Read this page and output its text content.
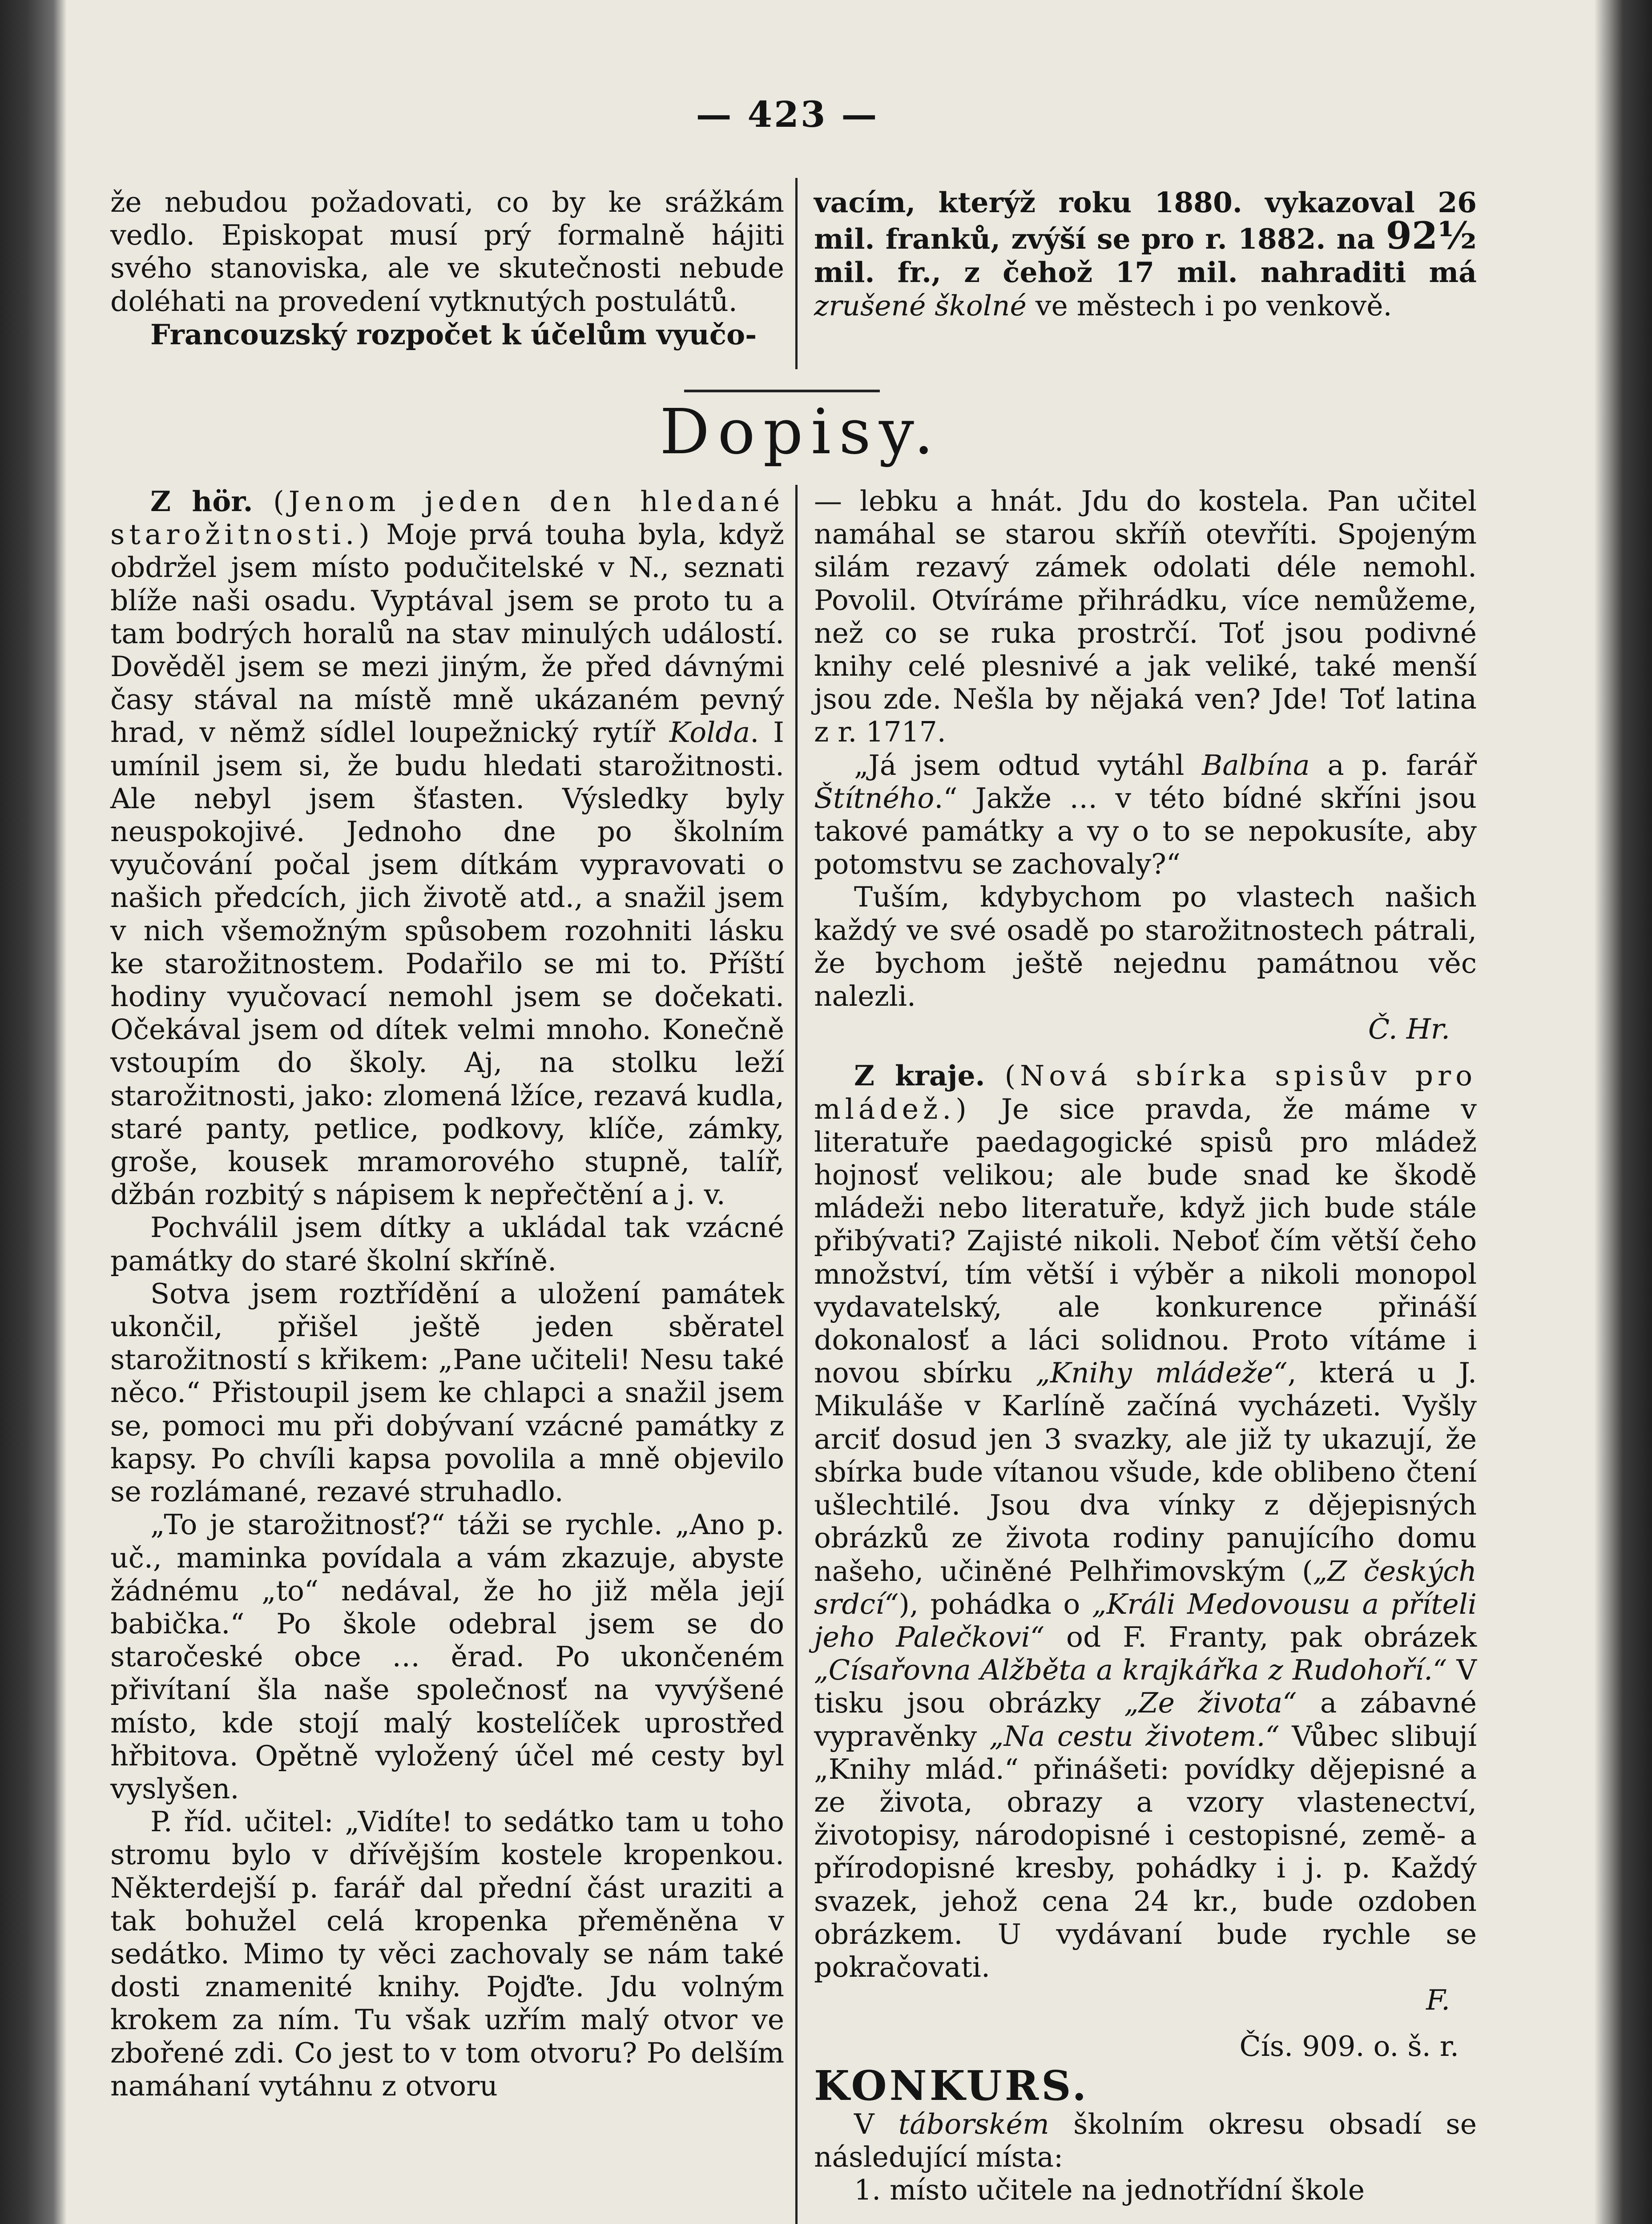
— 423 —

že nebudou požadovati, co by ke srážkám vedlo. Episkopat musí prý formalně hájiti svého stanoviska, ale ve skutečnosti nebude doléhati na provedení vytknutých postulátů.

Francouzský rozpočet k účelům vyučo-

vacím, kterýž roku 1880. vykazoval 26 mil. franků, zvýší se pro r. 1882. na 92½ mil. fr., z čehož 17 mil. nahraditi má zrušené školné ve městech i po venkově.

Dopisy.

Z hör. (Jenom jeden den hledané starožitnosti.) Moje prvá touha byla, když obdržel jsem místo podučitelské v N., seznati blíže naši osadu. Vyptával jsem se proto tu a tam bodrých horalů na stav minulých událostí. Dověděl jsem se mezi jiným, že před dávnými časy stával na místě mně ukázaném pevný hrad, v němž sídlel loupežnický rytíř Kolda. I umínil jsem si, že budu hledati starožitnosti. Ale nebyl jsem šťasten. Výsledky byly neuspokojivé. Jednoho dne po školním vyučování počal jsem dítkám vypravovati o našich předcích, jich životě atd., a snažil jsem v nich všemožným spůsobem rozohniti lásku ke starožitnostem. Podařilo se mi to. Příští hodiny vyučovací nemohl jsem se dočekati. Očekával jsem od dítek velmi mnoho. Konečně vstoupím do školy. Aj, na stolku leží starožitnosti, jako: zlomená lžíce, rezavá kudla, staré panty, petlice, podkovy, klíče, zámky, groše, kousek mramorového stupně, talíř, džbán rozbitý s nápisem k nepřečtění a j. v.

Pochválil jsem dítky a ukládal tak vzácné památky do staré školní skříně.

Sotva jsem roztřídění a uložení památek ukončil, přišel ještě jeden sběratel starožitností s křikem: „Pane učiteli! Nesu také něco.“ Přistoupil jsem ke chlapci a snažil jsem se, pomoci mu při dobývaní vzácné památky z kapsy. Po chvíli kapsa povolila a mně objevilo se rozlámané, rezavé struhadlo.

„To je starožitnosť?“ táži se rychle. „Ano p. uč., maminka povídala a vám zkazuje, abyste žádnému „to“ nedával, že ho již měla její babička.“ Po škole odebral jsem se do staročeské obce … ěrad. Po ukončeném přivítaní šla naše společnosť na vyvýšené místo, kde stojí malý kostelíček uprostřed hřbitova. Opětně vyložený účel mé cesty byl vyslyšen.

P. říd. učitel: „Vidíte! to sedátko tam u toho stromu bylo v dřívějším kostele kropenkou. Některdejší p. farář dal přední část uraziti a tak bohužel celá kropenka přeměněna v sedátko. Mimo ty věci zachovaly se nám také dosti znamenité knihy. Pojďte. Jdu volným krokem za ním. Tu však uzřím malý otvor ve zbořené zdi. Co jest to v tom otvoru? Po delším namáhaní vytáhnu z otvoru

— lebku a hnát. Jdu do kostela. Pan učitel namáhal se starou skříň otevříti. Spojeným silám rezavý zámek odolati déle nemohl. Povolil. Otvíráme přihrádku, více nemůžeme, než co se ruka prostrčí. Toť jsou podivné knihy celé plesnivé a jak veliké, také menší jsou zde. Nešla by nějaká ven? Jde! Toť latina z r. 1717.

„Já jsem odtud vytáhl Balbína a p. farář Štítného.“ Jakže … v této bídné skříni jsou takové památky a vy o to se nepokusíte, aby potomstvu se zachovaly?“

Tuším, kdybychom po vlastech našich každý ve své osadě po starožitnostech pátrali, že bychom ještě nejednu památnou věc nalezli.

Č. Hr.

Z kraje. (Nová sbírka spisův pro mládež.) Je sice pravda, že máme v literatuře paedagogické spisů pro mládež hojnosť velikou; ale bude snad ke škodě mládeži nebo literatuře, když jich bude stále přibývati? Zajisté nikoli. Neboť čím větší čeho množství, tím větší i výběr a nikoli monopol vydavatelský, ale konkurence přináší dokonalosť a láci solidnou. Proto vítáme i novou sbírku „Knihy mládeže“, která u J. Mikuláše v Karlíně začíná vycházeti. Vyšly arciť dosud jen 3 svazky, ale již ty ukazují, že sbírka bude vítanou všude, kde oblibeno čtení ušlechtilé. Jsou dva vínky z dějepisných obrázků ze života rodiny panujícího domu našeho, učiněné Pelhřimovským („Z českých srdcí“), pohádka o „Králi Medovousu a příteli jeho Palečkovi“ od F. Franty, pak obrázek „Císařovna Alžběta a krajkářka z Rudohoří.“ V tisku jsou obrázky „Ze života“ a zábavné vypravěnky „Na cestu životem.“ Vůbec slibují „Knihy mlád.“ přinášeti: povídky dějepisné a ze života, obrazy a vzory vlastenectví, životopisy, národopisné i cestopisné, země- a přírodopisné kresby, pohádky i j. p. Každý svazek, jehož cena 24 kr., bude ozdoben obrázkem. U vydávaní bude rychle se pokračovati.

F.

Čís. 909. o. š. r.

KONKURS.

V táborském školním okresu obsadí se následující místa:

1. místo učitele na jednotřídní škole
